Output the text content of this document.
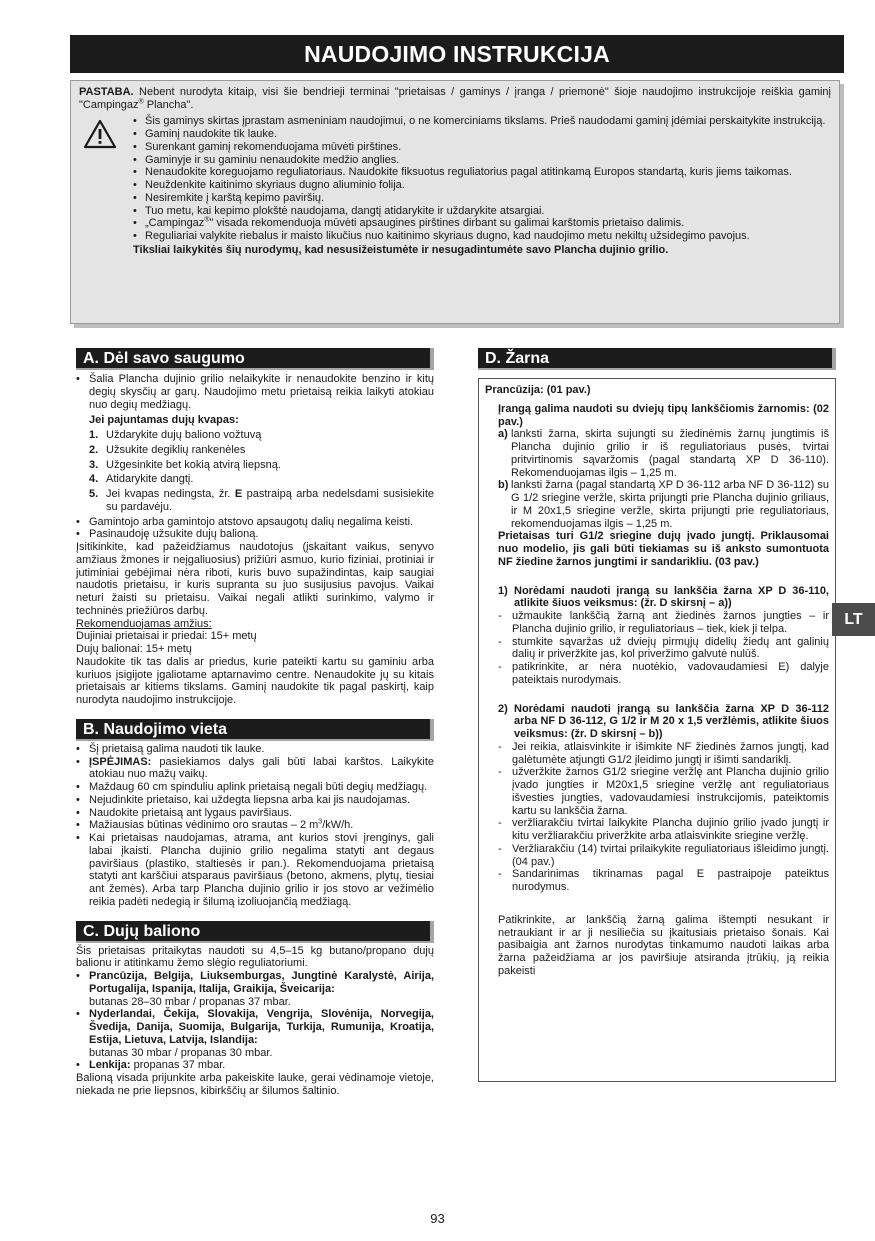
NAUDOJIMO INSTRUKCIJA

PASTABA. Nebent nurodyta kitaip, visi šie bendrieji terminai "prietaisas / gaminys / įranga / priemonė" šioje naudojimo instrukcijoje reiškia gaminį "Campingaz® Plancha".

• Šis gaminys skirtas įprastam asmeniniam naudojimui, o ne komerciniams tikslams. Prieš naudodami gaminį įdėmiai perskaitykite instrukciją.
• Gaminį naudokite tik lauke.
• Surenkant gaminį rekomenduojama mūvėti pirštines.
• Gaminyje ir su gaminiu nenaudokite medžio anglies.
• Nenaudokite koreguojamo reguliatoriaus. Naudokite fiksuotus reguliatorius pagal atitinkamą Europos standartą, kuris jiems taikomas.
• Neuždenkite kaitinimo skyriaus dugno aliuminio folija.
• Nesiremkite į karštą kepimo paviršių.
• Tuo metu, kai kepimo plokštė naudojama, dangtį atidarykite ir uždarykite atsargiai.
• „Campingaz®" visada rekomenduoja mūvėti apsaugines pirštines dirbant su galimai karštomis prietaiso dalimis.
• Reguliariai valykite riebalus ir maisto likučius nuo kaitinimo skyriaus dugno, kad naudojimo metu nekiltų užsidegimo pavojus.

Tiksliai laikykitės šių nurodymų, kad nesusižeistumėte ir nesugadintumėte savo Plancha dujinio grilio.

A. Dėl savo saugumo
• Šalia Plancha dujinio grilio nelaikykite ir nenaudokite benzino ir kitų degių skysčių ar garų. Naudojimo metu prietaisą reikia laikyti atokiau nuo degių medžiagų.

Jei pajuntamas dujų kvapas:

1. Uždarykite dujų baliono vožtuvą
2. Užsukite degiklių rankenėles
3. Užgesinkite bet kokią atvirą liepsną.
4. Atidarykite dangtį.
5. Jei kvapas nedingsta, žr. E pastraipą arba nedelsdami susisiekite su pardavėju.
• Gamintojo arba gamintojo atstovo apsaugotų dalių negalima keisti.
• Pasinaudoję užsukite dujų balioną.

Įsitikinkite, kad pažeidžiamus naudotojus (įskaitant vaikus, senyvo amžiaus žmones ir neįgaliuosius) prižiūri asmuo, kurio fiziniai, protiniai ir jutiminiai gebėjimai nėra riboti, kuris buvo supažindintas, kaip saugiai naudotis prietaisu, ir kuris supranta su juo susijusius pavojus. Vaikai neturi žaisti su prietaisu. Vaikai negali atlikti surinkimo, valymo ir techninės priežiūros darbų.

Rekomenduojamas amžius:

Dujiniai prietaisai ir priedai: 15+ metų

Dujų balionai: 15+ metų

Naudokite tik tas dalis ar priedus, kurie pateikti kartu su gaminiu arba kuriuos įsigijote įgaliotame aptarnavimo centre. Nenaudokite jų su kitais prietaisais ar kitiems tikslams. Gaminį naudokite tik pagal paskirtį, kaip nurodyta naudojimo instrukcijoje.

B. Naudojimo vieta
• Šį prietaisą galima naudoti tik lauke.
• ĮSPĖJIMAS: pasiekiamos dalys gali būti labai karštos. Laikykite atokiau nuo mažų vaikų.
• Maždaug 60 cm spinduliu aplink prietaisą negali būti degių medžiagų.
• Nejudinkite prietaiso, kai uždegta liepsna arba kai jis naudojamas.
• Naudokite prietaisą ant lygaus paviršiaus.
• Mažiausias būtinas vėdinimo oro srautas – 2 $m^3/kW/h$.
• Kai prietaisas naudojamas, atrama, ant kurios stovi įrenginys, gali labai įkaisti. Plancha dujinio grilio negalima statyti ant degaus paviršiaus (plastiko, staltiesės ir pan.). Rekomenduojama prietaisą statyti ant karščiui atsparaus paviršiaus (betono, akmens, plytų, tiesiai ant žemės). Arba tarp Plancha dujinio grilio ir jos stovo ar vežimėlio reikia padėti nedegią ir šilumą izoliuojančią medžiagą.
C. Dujų baliono

Šis prietaisas pritaikytas naudoti su 4,5–15 kg butano/propano dujų balionu ir atitinkamu žemo slėgio reguliatoriumi.

• Prancūzija, Belgija, Liuksemburgas, Jungtinė Karalystė, Airija, Portugalija, Ispanija, Italija, Graikija, Šveicarija:
butanas 28–30 mbar / propanas 37 mbar.
• Nyderlandai, Čekija, Slovakija, Vengrija, Slovėnija, Norvegija, Švedija, Danija, Suomija, Bulgarija, Turkija, Rumunija, Kroatija, Estija, Lietuva, Latvija, Islandija:
butanas 30 mbar / propanas 30 mbar.
• Lenkija: propanas 37 mbar.

Balioną visada prijunkite arba pakeiskite lauke, gerai vėdinamoje vietoje, niekada ne prie liepsnos, kibirkščių ar šilumos šaltinio.

D. Žarna

Prancūzija: (01 pav.)

Įrangą galima naudoti su dviejų tipų lankščiomis žarnomis: (02 pav.)

a) lanksti žarna, skirta sujungti su žiedinėmis žarnų jungtimis iš Plancha dujinio grilio ir iš reguliatoriaus pusės, tvirtai pritvirtinomis sąvaržomis (pagal standartą XP D 36-110). Rekomenduojamas ilgis – 1,25 m.
b) lanksti žarna (pagal standartą XP D 36-112 arba NF D 36-112) su G 1/2 sriegine veržle, skirta prijungti prie Plancha dujinio griliaus, ir M 20x1,5 sriegine veržle, skirta prijungti prie reguliatoriaus, rekomenduojamas ilgis – 1,25 m.

Prietaisas turi G1/2 sriegine dujų įvado jungtį. Priklausomai nuo modelio, jis gali būti tiekiamas su iš anksto sumontuota NF žiedine žarnos jungtimi ir sandarikliu. (03 pav.)

1) Norėdami naudoti įrangą su lankščia žarna XP D 36-110, atlikite šiuos veiksmus: (žr. D skirsnį – a))
- užmaukite lankščią žarną ant žiedinės žarnos jungties – ir Plancha dujinio grilio, ir reguliatoriaus – tiek, kiek ji telpa.
- stumkite sąvaržas už dviejų pirmųjų didelių žiedų ant galinių dalių ir priveržkite jas, kol priveržimo galvutė nulūš.
- patikrinkite, ar nėra nuotėkio, vadovaudamiesi E) dalyje pateiktais nurodymais.
2) Norėdami naudoti įrangą su lankščia žarna XP D 36-112 arba NF D 36-112, G 1/2 ir M 20 x 1,5 veržlėmis, atlikite šiuos veiksmus: (žr. D skirsnį – b))
- Jei reikia, atlaisvinkite ir išimkite NF žiedinės žarnos jungtį, kad galėtumėte atjungti G1/2 įleidimo jungtį ir išimti sandariklį.
- užveržkite žarnos G1/2 sriegine veržlę ant Plancha dujinio grilio įvado jungties ir M20x1,5 sriegine veržlę ant reguliatoriaus išvesties jungties, vadovaudamiesi instrukcijomis, pateiktomis kartu su lankščia žarna.
- veržliarakčiu tvirtai laikykite Plancha dujinio grilio įvado jungtį ir kitu veržliarakčiu priveržkite arba atlaisvinkite sriegine veržlę.
- Veržliarakčiu (14) tvirtai prilaikykite reguliatoriaus išleidimo jungtį. (04 pav.)
- Sandarinimas tikrinamas pagal E pastraipoje pateiktus nurodymus.

Patikrinkite, ar lankščią žarną galima ištempti nesukant ir netraukiant ir ar ji nesiliečia su įkaitusiais prietaiso šonais. Kai pasibaigia ant žarnos nurodytas tinkamumo naudoti laikas arba žarna pažeidžiama ar jos paviršiuje atsiranda įtrūkių, ją reikia pakeisti

LT
93
